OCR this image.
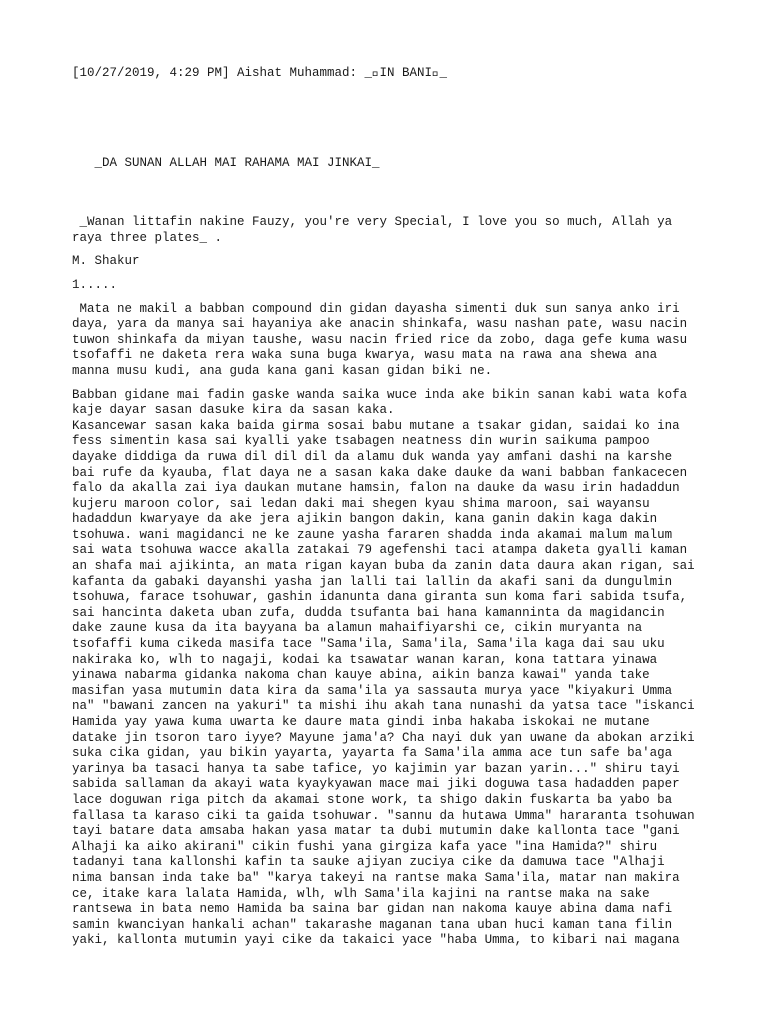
[10/27/2019, 4:29 PM] Aishat Muhammad: _ IN BANI _
_DA SUNAN ALLAH MAI RAHAMA MAI JINKAI_
_Wanan littafin nakine Fauzy, you're very Special, I love you so much, Allah ya
raya three plates_ .
M. Shakur
1.....
Mata ne makil a babban compound din gidan dayasha simenti duk sun sanya anko iri
daya, yara da manya sai hayaniya ake anacin shinkafa, wasu nashan pate, wasu nacin
tuwon shinkafa da miyan taushe, wasu nacin fried rice da zobo, daga gefe kuma wasu
tsofaffi ne daketa rera waka suna buga kwarya, wasu mata na rawa ana shewa ana
manna musu kudi, ana guda kana gani kasan gidan biki ne.
Babban gidane mai fadin gaske wanda saika wuce inda ake bikin sanan kabi wata kofa
kaje dayar sasan dasuke kira da sasan kaka.
Kasancewar sasan kaka baida girma sosai babu mutane a tsakar gidan, saidai ko ina
fess simentin kasa sai kyalli yake tsabagen neatness din wurin saikuma pampoo
dayake diddiga da ruwa dil dil dil da alamu duk wanda yay amfani dashi na karshe
bai rufe da kyauba, flat daya ne a sasan kaka dake dauke da wani babban fankacecen
falo da akalla zai iya daukan mutane hamsin, falon na dauke da wasu irin hadaddun
kujeru maroon color, sai ledan daki mai shegen kyau shima maroon, sai wayansu
hadaddun kwaryaye da ake jera ajikin bangon dakin, kana ganin dakin kaga dakin
tsohuwa. wani magidanci ne ke zaune yasha fararen shadda inda akamai malum malum
sai wata tsohuwa wacce akalla zatakai 79 agefenshi taci atampa daketa gyalli kaman
an shafa mai ajikinta, an mata rigan kayan buba da zanin data daura akan rigan, sai
kafanta da gabaki dayanshi yasha jan lalli tai lallin da akafi sani da dungulmin
tsohuwa, farace tsohuwar, gashin idanunta dana giranta sun koma fari sabida tsufa,
sai hancinta daketa uban zufa, dudda tsufanta bai hana kamanninta da magidancin
dake zaune kusa da ita bayyana ba alamun mahaifiyarshi ce, cikin muryanta na
tsofaffi kuma cikeda masifa tace "Sama'ila, Sama'ila, Sama'ila kaga dai sau uku
nakiraka ko, wlh to nagaji, kodai ka tsawatar wanan karan, kona tattara yinawa
yinawa nabarma gidanka nakoma chan kauye abina, aikin banza kawai" yanda take
masifan yasa mutumin data kira da sama'ila ya sassauta murya yace "kiyakuri Umma
na" "bawani zancen na yakuri" ta mishi ihu akah tana nunashi da yatsa tace "iskanci
Hamida yay yawa kuma uwarta ke daure mata gindi inba hakaba iskokai ne mutane
datake jin tsoron taro iyye? Mayune jama'a? Cha nayi duk yan uwane da abokan arziki
suka cika gidan, yau bikin yayarta, yayarta fa Sama'ila amma ace tun safe ba'aga
yarinya ba tasaci hanya ta sabe tafice, yo kajimin yar bazan yarin..." shiru tayi
sabida sallaman da akayi wata kyaykyawan mace mai jiki doguwa tasa hadadden paper
lace doguwan riga pitch da akamai stone work, ta shigo dakin fuskarta ba yabo ba
fallasa ta karaso ciki ta gaida tsohuwar. "sannu da hutawa Umma" hararanta tsohuwan
tayi batare data amsaba hakan yasa matar ta dubi mutumin dake kallonta tace "gani
Alhaji ka aiko akirani" cikin fushi yana girgiza kafa yace "ina Hamida?" shiru
tadanyi tana kallonshi kafin ta sauke ajiyan zuciya cike da damuwa tace "Alhaji
nima bansan inda take ba" "karya takeyi na rantse maka Sama'ila, matar nan makira
ce, itake kara lalata Hamida, wlh, wlh Sama'ila kajini na rantse maka na sake
rantsewa in bata nemo Hamida ba saina bar gidan nan nakoma kauye abina dama nafi
samin kwanciyan hankali achan" takarashe maganan tana uban huci kaman tana filin
yaki, kallonta mutumin yayi cike da takaici yace "haba Umma, to kibari nai magana
